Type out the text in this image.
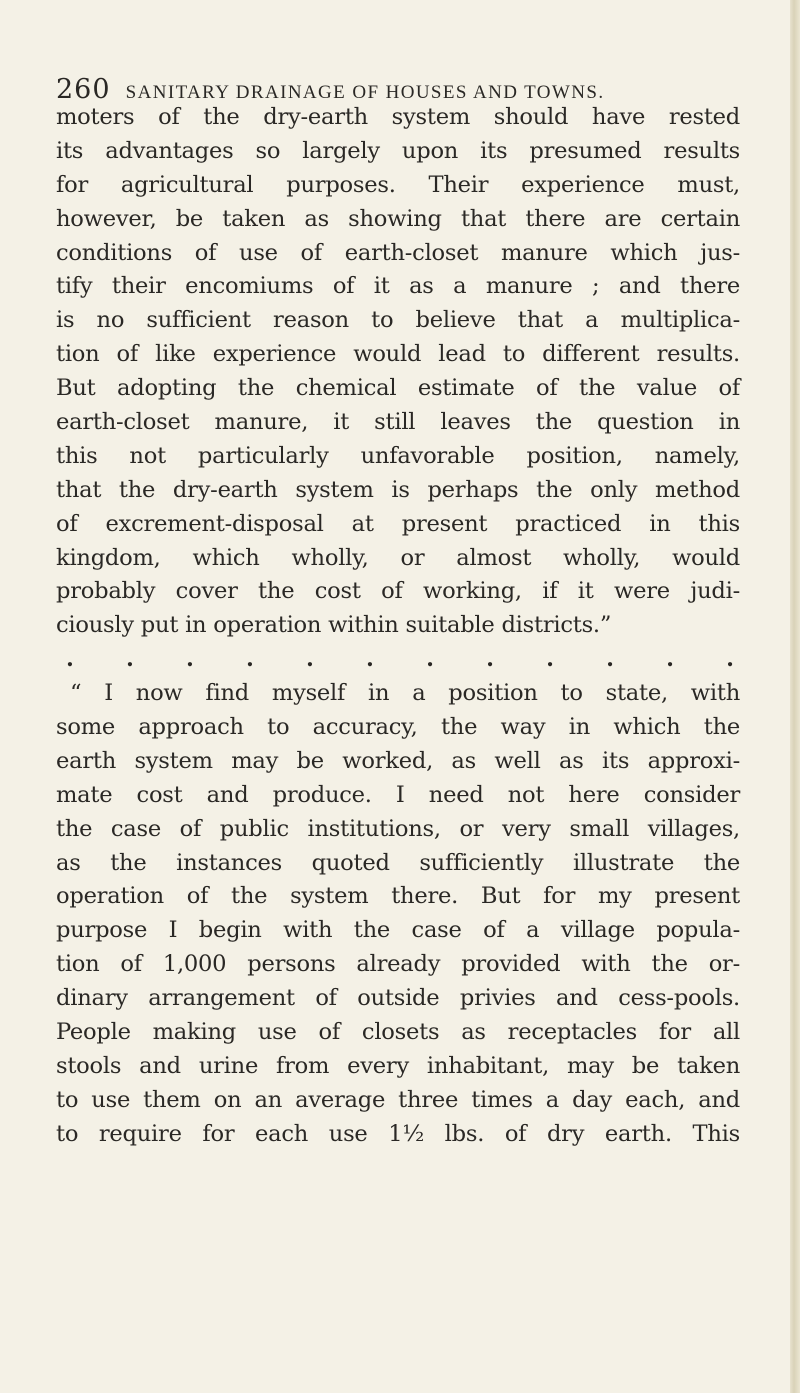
260 SANITARY DRAINAGE OF HOUSES AND TOWNS.
moters of the dry-earth system should have rested
its advantages so largely upon its presumed results
for agricultural purposes. Their experience must,
however, be taken as showing that there are certain
conditions of use of earth-closet manure which jus-
tify their encomiums of it as a manure ; and there
is no sufficient reason to believe that a multiplica-
tion of like experience would lead to different results.
But adopting the chemical estimate of the value of
earth-closet manure, it still leaves the question in
this not particularly unfavorable position, namely,
that the dry-earth system is perhaps the only method
of excrement-disposal at present practiced in this
kingdom, which wholly, or almost wholly, would
probably cover the cost of working, if it were judi-
ciously put in operation within suitable districts.”
. . . . . . . . . . . .
“ I now find myself in a position to state, with
some approach to accuracy, the way in which the
earth system may be worked, as well as its approxi-
mate cost and produce. I need not here consider
the case of public institutions, or very small villages,
as the instances quoted sufficiently illustrate the
operation of the system there. But for my present
purpose I begin with the case of a village popula-
tion of 1,000 persons already provided with the or-
dinary arrangement of outside privies and cess-pools.
People making use of closets as receptacles for all
stools and urine from every inhabitant, may be taken
to use them on an average three times a day each, and
to require for each use 1½ lbs. of dry earth. This
